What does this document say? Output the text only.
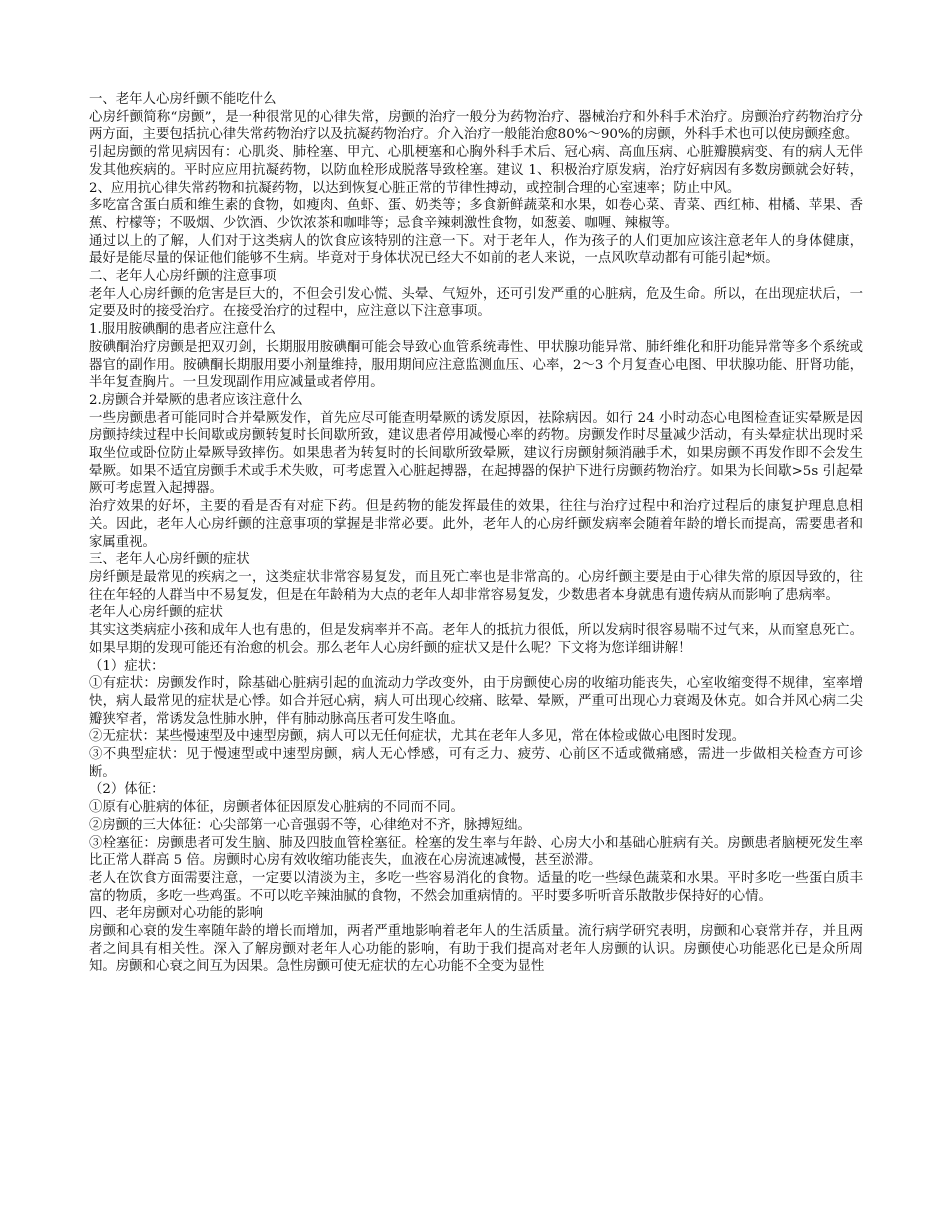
一、老年人心房纤颤不能吃什么

心房纤颤简称“房颤”，是一种很常见的心律失常，房颤的治疗一般分为药物治疗、器械治疗和外科手术治疗。房颤治疗药物治疗分两方面，主要包括抗心律失常药物治疗以及抗凝药物治疗。介入治疗一般能治愈80%～90%的房颤，外科手术也可以使房颤痊愈。

引起房颤的常见病因有：心肌炎、肺栓塞、甲亢、心肌梗塞和心胸外科手术后、冠心病、高血压病、心脏瓣膜病变、有的病人无伴发其他疾病的。平时应应用抗凝药物，以防血栓形成脱落导致栓塞。建议 1、积极治疗原发病，治疗好病因有多数房颤就会好转，2、应用抗心律失常药物和抗凝药物，以达到恢复心脏正常的节律性搏动，或控制合理的心室速率；防止中风。

多吃富含蛋白质和维生素的食物，如瘦肉、鱼虾、蛋、奶类等；多食新鲜蔬菜和水果，如卷心菜、青菜、西红柿、柑橘、苹果、香蕉、柠檬等；不吸烟、少饮酒、少饮浓茶和咖啡等；忌食辛辣刺激性食物，如葱姜、咖喱、辣椒等。

通过以上的了解，人们对于这类病人的饮食应该特别的注意一下。对于老年人，作为孩子的人们更加应该注意老年人的身体健康，最好是能尽量的保证他们能够不生病。毕竟对于身体状况已经大不如前的老人来说，一点风吹草动都有可能引起*烦。

二、老年人心房纤颤的注意事项

老年人心房纤颤的危害是巨大的，不但会引发心慌、头晕、气短外，还可引发严重的心脏病，危及生命。所以，在出现症状后，一定要及时的接受治疗。在接受治疗的过程中，应注意以下注意事项。

1.服用胺碘酮的患者应注意什么

胺碘酮治疗房颤是把双刃剑，长期服用胺碘酮可能会导致心血管系统毒性、甲状腺功能异常、肺纤维化和肝功能异常等多个系统或器官的副作用。胺碘酮长期服用要小剂量维持，服用期间应注意监测血压、心率，2～3 个月复查心电图、甲状腺功能、肝肾功能，半年复查胸片。一旦发现副作用应减量或者停用。

2.房颤合并晕厥的患者应该注意什么

一些房颤患者可能同时合并晕厥发作，首先应尽可能查明晕厥的诱发原因，祛除病因。如行 24 小时动态心电图检查证实晕厥是因房颤持续过程中长间歇或房颤转复时长间歇所致，建议患者停用减慢心率的药物。房颤发作时尽量减少活动，有头晕症状出现时采取坐位或卧位防止晕厥导致摔伤。如果患者为转复时的长间歇所致晕厥，建议行房颤射频消融手术，如果房颤不再发作即不会发生晕厥。如果不适宜房颤手术或手术失败，可考虑置入心脏起搏器，在起搏器的保护下进行房颤药物治疗。如果为长间歇>5s 引起晕厥可考虑置入起搏器。

治疗效果的好坏，主要的看是否有对症下药。但是药物的能发挥最佳的效果，往往与治疗过程中和治疗过程后的康复护理息息相关。因此，老年人心房纤颤的注意事项的掌握是非常必要。此外，老年人的心房纤颤发病率会随着年龄的增长而提高，需要患者和家属重视。

三、老年人心房纤颤的症状

房纤颤是最常见的疾病之一，这类症状非常容易复发，而且死亡率也是非常高的。心房纤颤主要是由于心律失常的原因导致的，往往在年轻的人群当中不易复发，但是在年龄稍为大点的老年人却非常容易复发，少数患者本身就患有遗传病从而影响了患病率。

老年人心房纤颤的症状

其实这类病症小孩和成年人也有患的，但是发病率并不高。老年人的抵抗力很低，所以发病时很容易喘不过气来，从而窒息死亡。如果早期的发现可能还有治愈的机会。那么老年人心房纤颤的症状又是什么呢？下文将为您详细讲解！

（1）症状：

①有症状：房颤发作时，除基础心脏病引起的血流动力学改变外，由于房颤使心房的收缩功能丧失，心室收缩变得不规律，室率增快，病人最常见的症状是心悸。如合并冠心病，病人可出现心绞痛、眩晕、晕厥，严重可出现心力衰竭及休克。如合并风心病二尖瓣狭窄者，常诱发急性肺水肿，伴有肺动脉高压者可发生咯血。

②无症状：某些慢速型及中速型房颤，病人可以无任何症状，尤其在老年人多见，常在体检或做心电图时发现。

③不典型症状：见于慢速型或中速型房颤，病人无心悸感，可有乏力、疲劳、心前区不适或微痛感，需进一步做相关检查方可诊断。

（2）体征：

①原有心脏病的体征，房颤者体征因原发心脏病的不同而不同。

②房颤的三大体征：心尖部第一心音强弱不等，心律绝对不齐，脉搏短绌。

③栓塞征：房颤患者可发生脑、肺及四肢血管栓塞征。栓塞的发生率与年龄、心房大小和基础心脏病有关。房颤患者脑梗死发生率比正常人群高 5 倍。房颤时心房有效收缩功能丧失，血液在心房流速减慢，甚至淤滞。

老人在饮食方面需要注意，一定要以清淡为主，多吃一些容易消化的食物。适量的吃一些绿色蔬菜和水果。平时多吃一些蛋白质丰富的物质，多吃一些鸡蛋。不可以吃辛辣油腻的食物，不然会加重病情的。平时要多听听音乐散散步保持好的心情。

四、老年房颤对心功能的影响

房颤和心衰的发生率随年龄的增长而增加，两者严重地影响着老年人的生活质量。流行病学研究表明，房颤和心衰常并存，并且两者之间具有相关性。深入了解房颤对老年人心功能的影响，有助于我们提高对老年人房颤的认识。房颤使心功能恶化已是众所周知。房颤和心衰之间互为因果。急性房颤可使无症状的左心功能不全变为显性
